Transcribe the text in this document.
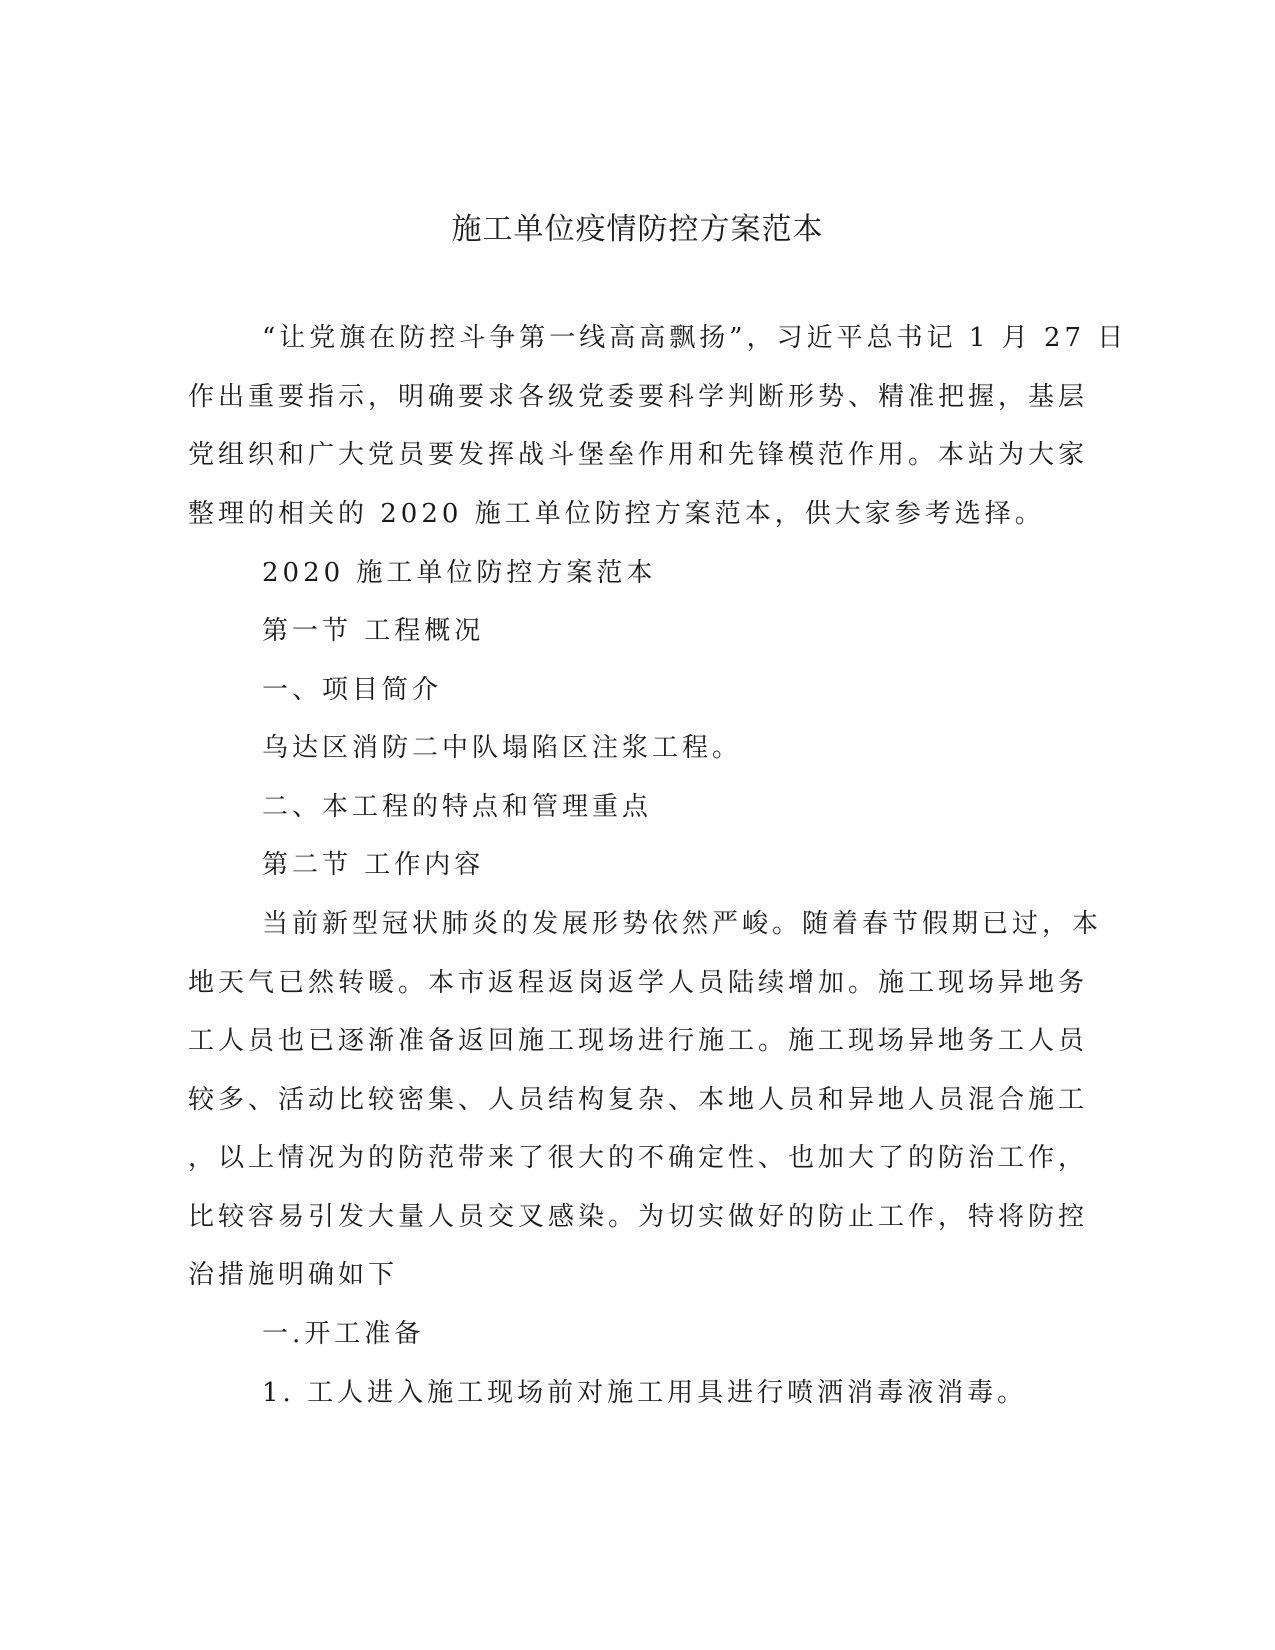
施工单位疫情防控方案范本
“让党旗在防控斗争第一线高高飘扬”，习近平总书记 1 月 27 日
作出重要指示，明确要求各级党委要科学判断形势、精准把握，基层
党组织和广大党员要发挥战斗堡垒作用和先锋模范作用。本站为大家
整理的相关的 2020 施工单位防控方案范本，供大家参考选择。
2020 施工单位防控方案范本
第一节 工程概况
一、项目简介
乌达区消防二中队塌陷区注浆工程。
二、本工程的特点和管理重点
第二节 工作内容
当前新型冠状肺炎的发展形势依然严峻。随着春节假期已过，本
地天气已然转暖。本市返程返岗返学人员陆续增加。施工现场异地务
工人员也已逐渐准备返回施工现场进行施工。施工现场异地务工人员
较多、活动比较密集、人员结构复杂、本地人员和异地人员混合施工
，以上情况为的防范带来了很大的不确定性、也加大了的防治工作，
比较容易引发大量人员交叉感染。为切实做好的防止工作，特将防控
治措施明确如下
一.开工准备
1. 工人进入施工现场前对施工用具进行喷洒消毒液消毒。
